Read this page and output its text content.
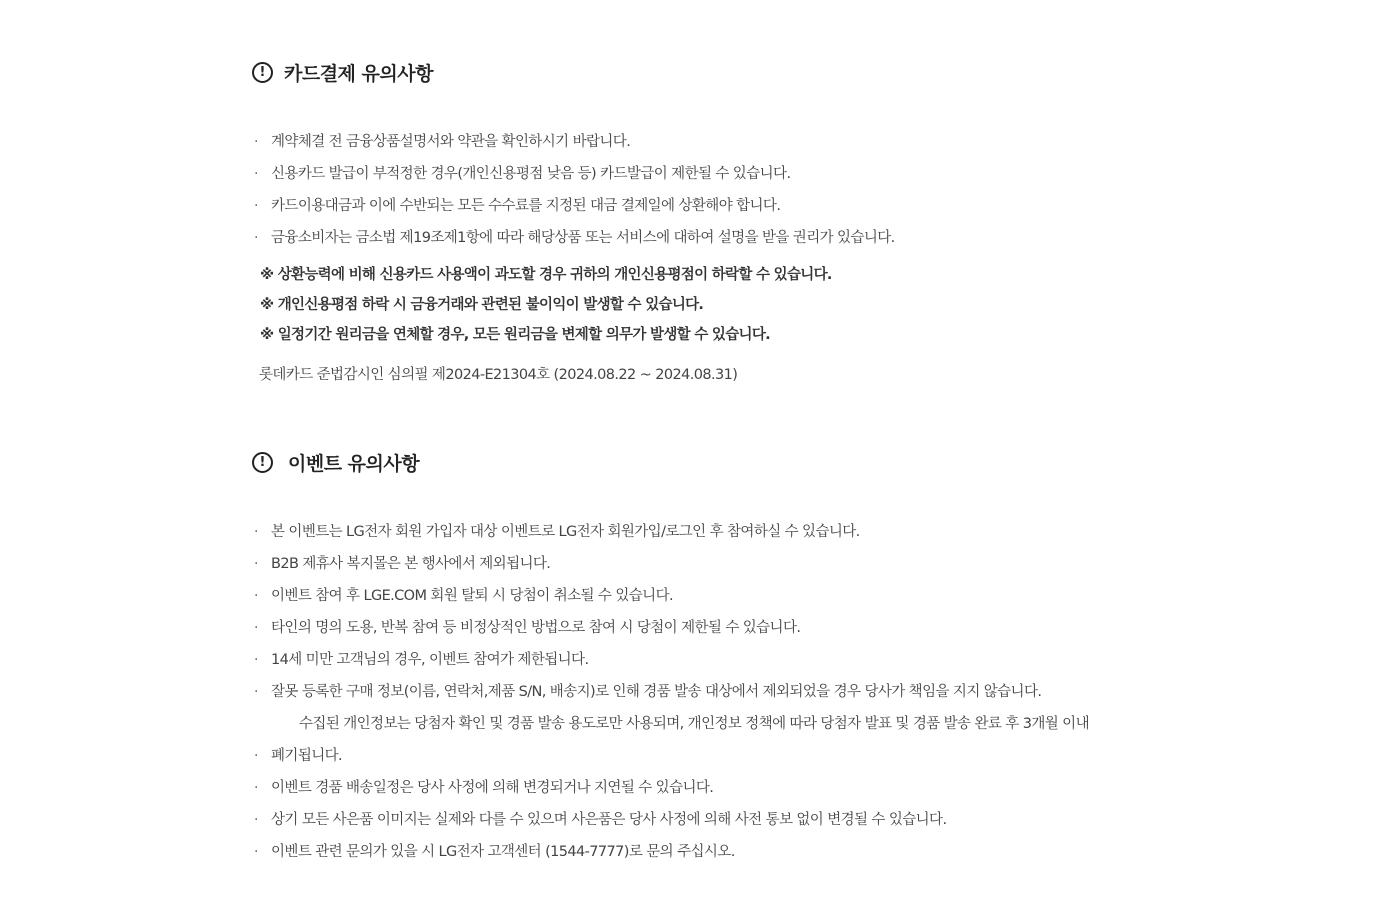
! 카드결제 유의사항
· 계약체결 전 금융상품설명서와 약관을 확인하시기 바랍니다.
· 신용카드 발급이 부적정한 경우(개인신용평점 낮음 등) 카드발급이 제한될 수 있습니다.
· 카드이용대금과 이에 수반되는 모든 수수료를 지정된 대금 결제일에 상환해야 합니다.
· 금융소비자는 금소법 제19조제1항에 따라 해당상품 또는 서비스에 대하여 설명을 받을 권리가 있습니다.
※ 상환능력에 비해 신용카드 사용액이 과도할 경우 귀하의 개인신용평점이 하락할 수 있습니다.
※ 개인신용평점 하락 시 금융거래와 관련된 불이익이 발생할 수 있습니다.
※ 일정기간 원리금을 연체할 경우, 모든 원리금을 변제할 의무가 발생할 수 있습니다.
롯데카드 준법감시인 심의필 제2024-E21304호 (2024.08.22 ~ 2024.08.31)
!	이벤트 유의사항
· 본 이벤트는 LG전자 회원 가입자 대상 이벤트로 LG전자 회원가입/로그인 후 참여하실 수 있습니다.
· B2B 제휴사 복지몰은 본 행사에서 제외됩니다.
· 이벤트 참여 후 LGE.COM 회원 탈퇴 시 당첨이 취소될 수 있습니다.
· 타인의 명의 도용, 반복 참여 등 비정상적인 방법으로 참여 시 당첨이 제한될 수 있습니다.
· 14세 미만 고객님의 경우, 이벤트 참여가 제한됩니다.
· 잘못 등록한 구매 정보(이름, 연락처,제품 S/N, 배송지)로 인해 경품 발송 대상에서 제외되었을 경우 당사가 책임을 지지 않습니다.
수집된 개인정보는 당첨자 확인 및 경품 발송 용도로만 사용되며, 개인정보 정책에 따라 당첨자 발표 및 경품 발송 완료 후 3개월 이내
· 폐기됩니다.
· 이벤트 경품 배송일정은 당사 사정에 의해 변경되거나 지연될 수 있습니다.
· 상기 모든 사은품 이미지는 실제와 다를 수 있으며 사은품은 당사 사정에 의해 사전 통보 없이 변경될 수 있습니다.
· 이벤트 관련 문의가 있을 시 LG전자 고객센터 (1544-7777)로 문의 주십시오.
